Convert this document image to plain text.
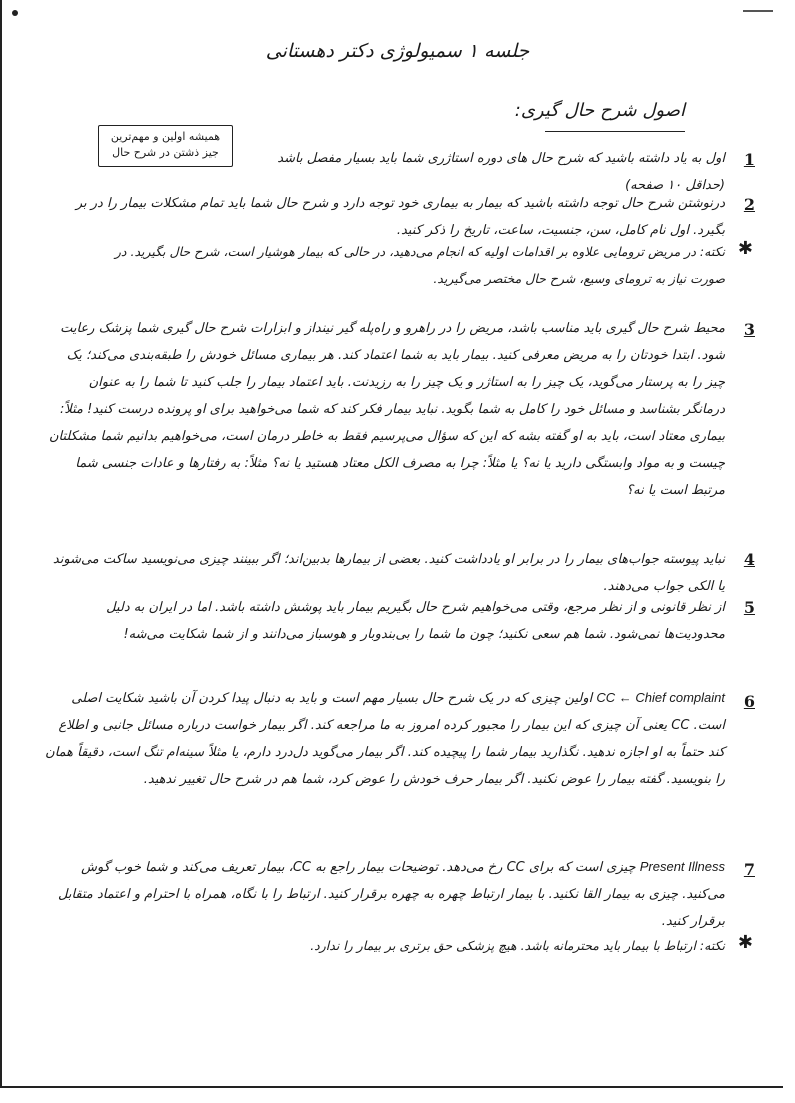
جلسه ۱ سمیولوژی دکتر دهستانی
اصول شرح حال گیری:
همیشه اولین و مهم‌ترین
جیز ذشتن در شرح حال	1
اول به یاد داشته باشید که شرح حال های دوره استاژری شما باید بسیار مفصل باشد (حداقل ۱۰ صفحه)
2
درنوشتن شرح حال توجه داشته باشید که بیمار به بیماری خود توجه دارد و شرح حال شما باید تمام مشکلات بیمار را در بر بگیرد. اول نام کامل، سن، جنسیت، ساعت، تاریخ را ذکر کنید.
✱
نکته: در مریض ترومایی علاوه بر اقدامات اولیه که انجام می‌دهید، در حالی که بیمار هوشیار است، شرح حال بگیرید. در صورت نیاز به ترومای وسیع، شرح حال مختصر می‌گیرید.
3
محیط شرح حال گیری باید مناسب باشد، مریض را در راهرو و راه‌پله گیر نینداز و ابزارات شرح حال گیری شما پزشک رعایت شود. ابتدا خودتان را به مریض معرفی کنید. بیمار باید به شما اعتماد کند. هر بیماری مسائل خودش را طبقه‌بندی می‌کند؛ یک چیز را به پرستار می‌گوید، یک چیز را به استاژر و یک چیز را به رزیدنت. باید اعتماد بیمار را جلب کنید تا شما را به عنوان درمانگر بشناسد و مسائل خود را کامل به شما بگوید. نباید بیمار فکر کند که شما می‌خواهید برای او پرونده درست کنید! مثلاً: بیماری معتاد است، باید به او گفته بشه که این که سؤال می‌پرسیم فقط به خاطر درمان است، می‌خواهیم بدانیم شما مشکلتان چیست و به مواد وابستگی دارید یا نه؟ یا مثلاً: چرا به مصرف الکل معتاد هستید یا نه؟ مثلاً: به رفتارها و عادات جنسی شما مرتبط است یا نه؟
4
نباید پیوسته جواب‌های بیمار را در برابر او یادداشت کنید. بعضی از بیمارها بدبین‌اند؛ اگر ببینند چیزی می‌نویسید ساکت می‌شوند یا الکی جواب می‌دهند.
5
از نظر قانونی و از نظر مرجع، وقتی می‌خواهیم شرح حال بگیریم بیمار باید پوشش داشته باشد. اما در ایران به دلیل محدودیت‌ها نمی‌شود. شما هم سعی نکنید؛ چون ما شما را بی‌بندوبار و هوسباز می‌دانند و از شما شکایت می‌شه!
6
CC ← Chief complaint اولین چیزی که در یک شرح حال بسیار مهم است و باید به دنبال پیدا کردن آن باشید شکایت اصلی است. CC یعنی آن چیزی که این بیمار را مجبور کرده امروز به ما مراجعه کند. اگر بیمار خواست درباره مسائل جانبی و اطلاع کند حتماً به او اجازه ندهید. نگذارید بیمار شما را پیچیده کند. اگر بیمار می‌گوید دل‌درد دارم، یا مثلاً سینه‌ام تنگ است، دقیقاً همان را بنویسید. گفته بیمار را عوض نکنید. اگر بیمار حرف خودش را عوض کرد، شما هم در شرح حال تغییر ندهید.
7
Present Illness چیزی است که برای CC رخ می‌دهد. توضیحات بیمار راجع به CC، بیمار تعریف می‌کند و شما خوب گوش می‌کنید. چیزی به بیمار القا نکنید. با بیمار ارتباط چهره به چهره برقرار کنید. ارتباط را با نگاه، همراه با احترام و اعتماد متقابل برقرار کنید.
✱
نکته: ارتباط با بیمار باید محترمانه باشد. هیچ پزشکی حق برتری بر بیمار را ندارد.
